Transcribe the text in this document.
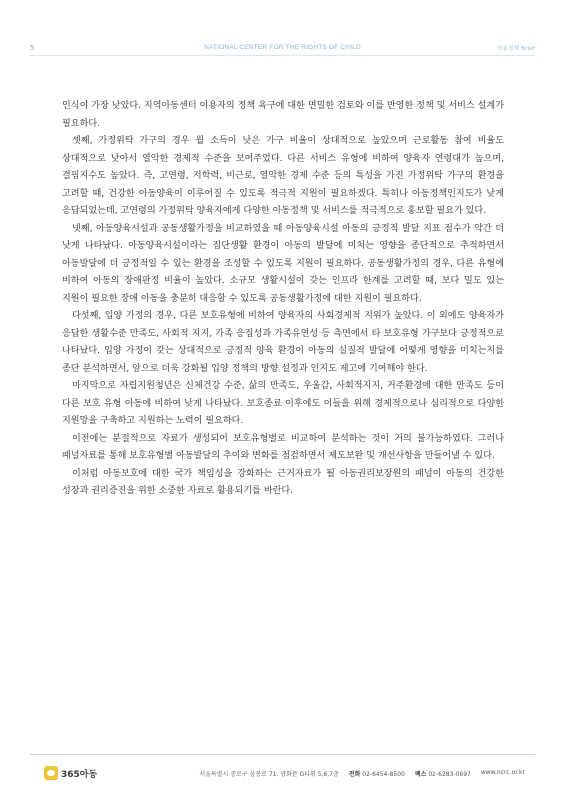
5	NATIONAL CENTER FOR THE RIGHTS OF CHILD	아동정책 Brief

인식이 가장 낮았다. 지역아동센터 이용자의 정책 욕구에 대한 면밀한 검토와 이를 반영한 정책 및 서비스 설계가 필요하다.

셋째, 가정위탁 가구의 경우 월 소득이 낮은 가구 비율이 상대적으로 높았으며 근로활동 참여 비율도 상대적으로 낮아서 열악한 경제적 수준을 보여주었다. 다른 서비스 유형에 비하여 양육자 연령대가 높으며, 결핍지수도 높았다. 즉, 고연령, 저학력, 비근로, 열악한 경제 수준 등의 특성을 가진 가정위탁 가구의 환경을 고려할 때, 건강한 아동양육이 이루어질 수 있도록 적극적 지원이 필요하겠다. 특히나 아동정책인지도가 낮게 응답되었는데, 고연령의 가정위탁 양육자에게 다양한 아동정책 및 서비스를 적극적으로 홍보할 필요가 있다.

넷째, 아동양육시설과 공동생활가정을 비교하였을 때 아동양육시설 아동의 긍정적 발달 지표 점수가 약간 더 낮게 나타났다. 아동양육시설이라는 집단생활 환경이 아동의 발달에 미치는 영향을 종단적으로 추적하면서 아동발달에 더 긍정적일 수 있는 환경을 조성할 수 있도록 지원이 필요하다. 공동생활가정의 경우, 다른 유형에 비하여 아동의 장애판정 비율이 높았다. 소규모 생활시설이 갖는 인프라 한계를 고려할 때, 보다 밀도 있는 지원이 필요한 장애 아동을 충분히 대응할 수 있도록 공동생활가정에 대한 지원이 필요하다.

다섯째, 입양 가정의 경우, 다른 보호유형에 비하여 양육자의 사회경제적 지위가 높았다. 이 외에도 양육자가 응답한 생활수준 만족도, 사회적 지지, 가족 응집성과 가족유연성 등 측면에서 타 보호유형 가구보다 긍정적으로 나타났다. 입양 가정이 갖는 상대적으로 긍정적 양육 환경이 아동의 실질적 발달에 어떻게 영향을 미치는지를 종단 분석하면서, 앞으로 더욱 강화될 입양 정책의 방향 설정과 인지도 제고에 기여해야 한다.

마지막으로 자립지원청년은 신체건강 수준, 삶의 만족도, 우울감, 사회적지지, 거주환경에 대한 만족도 등이 다른 보호 유형 아동에 비하여 낮게 나타났다. 보호종료 이후에도 이들을 위해 경제적으로나 심리적으로 다양한 지원망을 구축하고 지원하는 노력이 필요하다.

이전에는 분절적으로 자료가 생성되어 보호유형별로 비교하여 분석하는 것이 거의 불가능하였다. 그러나 패널자료를 통해 보호유형별 아동발달의 추이와 변화를 점검하면서 제도보완 및 개선사항을 만들어낼 수 있다.

이처럼 아동보호에 대한 국가 책임성을 강화하는 근거자료가 될 아동권리보장원의 패널이 아동의 건강한 성장과 권리증진을 위한 소중한 자료로 활용되기를 바란다.

365아동	서울특별시 중로구 삼봉로 71, 광화문 G타워 5,6,7층 전화 02-6454-8500 팩스 02-6283-0697 www.ncrc.or.kr
